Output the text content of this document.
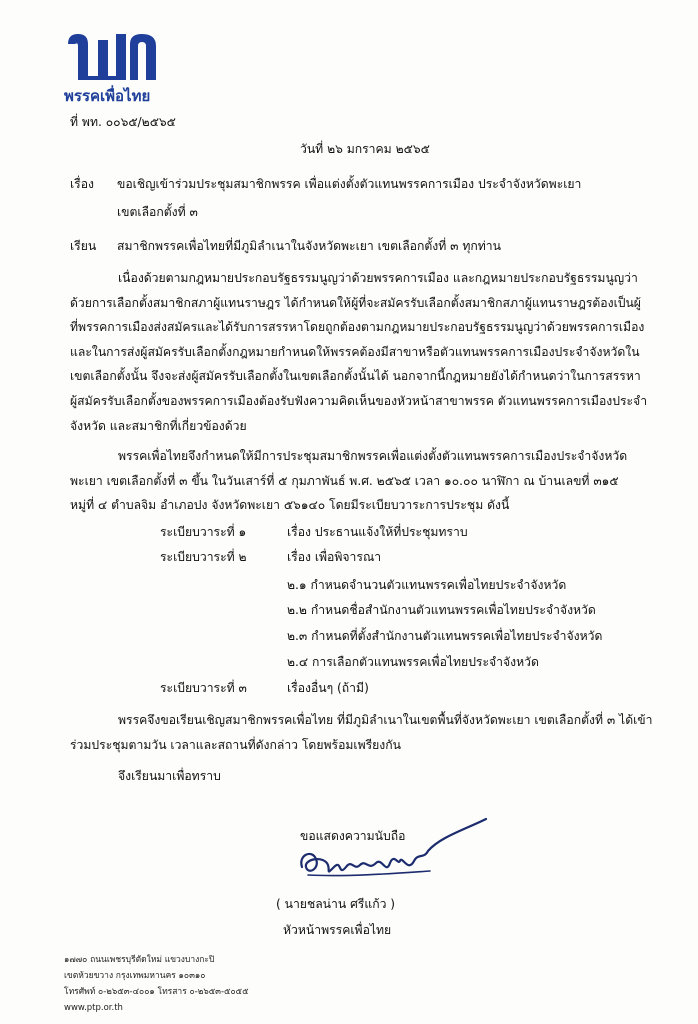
พรรคเพื่อไทย
ที่ พท. ๐๐๖๕/๒๕๖๕
วันที่ ๒๖ มกราคม ๒๕๖๕
เรื่อง ขอเชิญเข้าร่วมประชุมสมาชิกพรรค เพื่อแต่งตั้งตัวแทนพรรคการเมือง ประจำจังหวัดพะเยา
เขตเลือกตั้งที่ ๓
เรียน สมาชิกพรรคเพื่อไทยที่มีภูมิลำเนาในจังหวัดพะเยา เขตเลือกตั้งที่ ๓ ทุกท่าน
เนื่องด้วยตามกฎหมายประกอบรัฐธรรมนูญว่าด้วยพรรคการเมือง และกฎหมายประกอบรัฐธรรมนูญว่า
ด้วยการเลือกตั้งสมาชิกสภาผู้แทนราษฎร ได้กำหนดให้ผู้ที่จะสมัครรับเลือกตั้งสมาชิกสภาผู้แทนราษฎรต้องเป็นผู้
ที่พรรคการเมืองส่งสมัครและได้รับการสรรหาโดยถูกต้องตามกฎหมายประกอบรัฐธรรมนูญว่าด้วยพรรคการเมือง
และในการส่งผู้สมัครรับเลือกตั้งกฎหมายกำหนดให้พรรคต้องมีสาขาหรือตัวแทนพรรคการเมืองประจำจังหวัดใน
เขตเลือกตั้งนั้น จึงจะส่งผู้สมัครรับเลือกตั้งในเขตเลือกตั้งนั้นได้ นอกจากนี้กฎหมายยังได้กำหนดว่าในการสรรหา
ผู้สมัครรับเลือกตั้งของพรรคการเมืองต้องรับฟังความคิดเห็นของหัวหน้าสาขาพรรค ตัวแทนพรรคการเมืองประจำ
จังหวัด และสมาชิกที่เกี่ยวข้องด้วย
พรรคเพื่อไทยจึงกำหนดให้มีการประชุมสมาชิกพรรคเพื่อแต่งตั้งตัวแทนพรรคการเมืองประจำจังหวัด
พะเยา เขตเลือกตั้งที่ ๓ ขึ้น ในวันเสาร์ที่ ๕ กุมภาพันธ์ พ.ศ. ๒๕๖๕ เวลา ๑๐.๐๐ นาฬิกา ณ บ้านเลขที่ ๓๑๕
หมู่ที่ ๔ ตำบลจิม อำเภอปง จังหวัดพะเยา ๕๖๑๔๐ โดยมีระเบียบวาระการประชุม ดังนี้
ระเบียบวาระที่ ๑	เรื่อง ประธานแจ้งให้ที่ประชุมทราบ
ระเบียบวาระที่ ๒	เรื่อง เพื่อพิจารณา
๒.๑ กำหนดจำนวนตัวแทนพรรคเพื่อไทยประจำจังหวัด
๒.๒ กำหนดชื่อสำนักงานตัวแทนพรรคเพื่อไทยประจำจังหวัด
๒.๓ กำหนดที่ตั้งสำนักงานตัวแทนพรรคเพื่อไทยประจำจังหวัด
๒.๔ การเลือกตัวแทนพรรคเพื่อไทยประจำจังหวัด
ระเบียบวาระที่ ๓	เรื่องอื่นๆ (ถ้ามี)
พรรคจึงขอเรียนเชิญสมาชิกพรรคเพื่อไทย ที่มีภูมิลำเนาในเขตพื้นที่จังหวัดพะเยา เขตเลือกตั้งที่ ๓ ได้เข้า
ร่วมประชุมตามวัน เวลาและสถานที่ดังกล่าว โดยพร้อมเพรียงกัน
จึงเรียนมาเพื่อทราบ
ขอแสดงความนับถือ
( นายชลน่าน ศรีแก้ว )
หัวหน้าพรรคเพื่อไทย
๑๗๗๐ ถนนเพชรบุรีตัดใหม่ แขวงบางกะปิ
เขตห้วยขวาง กรุงเทพมหานคร ๑๐๓๑๐
โทรศัพท์ ๐-๒๖๕๓-๔๐๐๑ โทรสาร ๐-๒๖๕๓-๕๐๕๕
www.ptp.or.th
